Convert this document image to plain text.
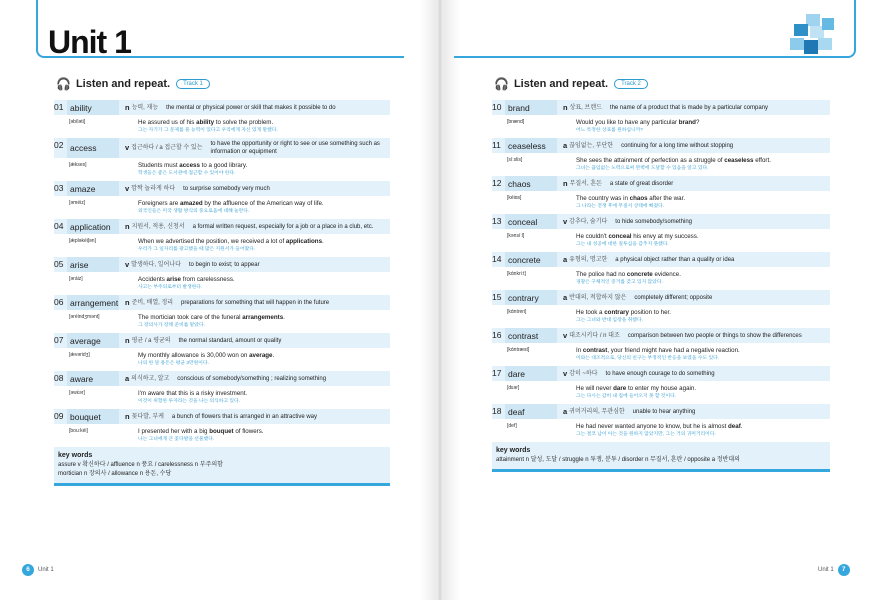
Unit 1
🎧 Listen and repeat.	Track 1
01 ability	n 능력, 재능 the mental or physical power or skill that makes it possible to do
[əbíləti]	He assured us of his ability to solve the problem.
그는 자기가 그 문제를 풀 능력이 있다고 우리에게 자신 있게 말했다.
02 access	v 접근하다 / a 접근할 수 있는
to have the opportunity or right to see or use something such as information or equipment
[ǽkses]	Students must access to a good library.
학생들은 좋은 도서관에 접근할 수 있어야 한다.
03 amaze	v 깜짝 놀라게 하다 to surprise somebody very much
[əméiz]	Foreigners are amazed by the affluence of the American way of life.
외국인들은 미국 생활 방식의 풍요로움에 대해 놀란다.
04 application	n 지원서, 적용, 신청서 a formal written request, especially for a job or a place in a club, etc.
[ǽpləkéiʃən]	When we advertised the position, we received a lot of applications.
우리가 그 일자리를 광고했을 때 많은 지원서가 들어왔다.
05 arise	v 발생하다, 일어나다 to begin to exist; to appear
[əráiz]	Accidents arise from carelessness.
사고는 부주의로부터 발생한다.
06 arrangement n 준비, 배열, 정리 preparations for something that will happen in the future
[əréindʒmənt]	The mortician took care of the funeral arrangements.
그 장의사가 장례 준비를 맡았다.
07 average	n 평균 / a 평균의 the normal standard, amount or quality
[ǽvəridʒ]	My monthly allowance is 30,000 won on average.
나의 한 달 용돈은 평균 3만원이다.
08 aware	a 의식하고, 알고 conscious of somebody/something ; realizing something
[əwέər]	I'm aware that this is a risky investment.
이것이 위험한 투자라는 것을 나는 의식하고 있다.
09 bouquet	n 꽃다발, 부케 a bunch of flowers that is arranged in an attractive way
[bouːkéi]	I presented her with a big bouquet of flowers.
나는 그녀에게 큰 꽃다발을 선물했다.
key words
assure v 확신하다 / affluence n 풍요 / carelessness n 부주의함
mortician n 장의사 / allowance n 용돈, 수당
🎧 Listen and repeat.	Track 2
10 brand	n 상표, 브랜드 the name of a product that is made by a particular company
[brænd]	Would you like to have any particular brand?
어느 특정한 상표를 원하십니까?
11 ceaseless	a 끊임없는, 부단한 continuing for a long time without stopping
[síːslis]	She sees the attainment of perfection as a struggle of ceaseless effort.
그녀는 끊임없는 노력으로써 완벽에 도달할 수 있음을 알고 있다.
12 chaos	n 무질서, 혼돈 a state of great disorder
[kéiɑs]	The country was in chaos after the war.
그 나라는 전쟁 후에 무질서 상태에 빠졌다.
13 conceal	v 감추다, 숨기다 to hide somebody/something
[kənsíːl]	He couldn't conceal his envy at my success.
그는 내 성공에 대한 질투심을 감추지 못했다.
14 concrete	a 유형의, 명고한 a physical object rather than a quality or idea
[kɑ́nkriːt]	The police had no concrete evidence.
경찰은 구체적인 증거를 갖고 있지 않았다.
15 contrary	a 반대의, 적합하지 않은 completely different; opposite
[kɑ́ntreri]	He took a contrary position to her.
그는 그녀와 반대 입장을 취했다.
16 contrast	v 대조시키다 / n 대조 comparison between two people or things to show the differences
[kɑ́ntræst]	In contrast, your friend might have had a negative reaction.
이와는 대조적으로, 당신의 친구는 부정적인 반응을 보였을 수도 있다.
17 dare	v 감히 ~하다 to have enough courage to do something
[dɛər]	He will never dare to enter my house again.
그는 다시는 감히 내 집에 들어오지 못 할 것이다.
18 deaf	a 귀머거리의, 무관심한 unable to hear anything
[def]	He had never wanted anyone to know, but he is almost deaf.
그는 결코 남이 아는 것을 원하지 않았지만, 그는 거의 귀머거리이다.
key words
attainment n 달성, 도달 / struggle n 투쟁, 분투 / disorder n 무질서, 혼란 / opposite a 정반대의
6	Unit 1	Unit 1	7
